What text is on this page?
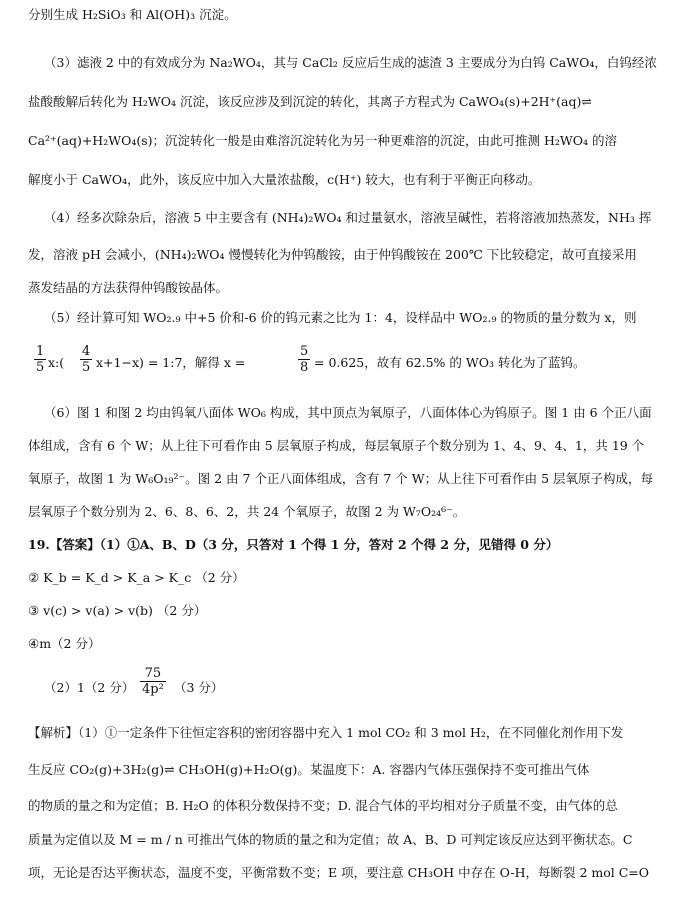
分别生成 H₂SiO₃ 和 Al(OH)₃ 沉淀。
（3）滤液 2 中的有效成分为 Na₂WO₄，其与 CaCl₂ 反应后生成的滤渣 3 主要成分为白钨 CaWO₄，白钨经浓
盐酸酸解后转化为 H₂WO₄ 沉淀，该反应涉及到沉淀的转化，其离子方程式为 CaWO₄(s)+2H⁺(aq)⇌
Ca²⁺(aq)+H₂WO₄(s)；沉淀转化一般是由难溶沉淀转化为另一种更难溶的沉淀，由此可推测 H₂WO₄ 的溶
解度小于 CaWO₄，此外，该反应中加入大量浓盐酸，c(H⁺) 较大，也有利于平衡正向移动。
（4）经多次除杂后，溶液 5 中主要含有 (NH₄)₂WO₄ 和过量氨水，溶液呈碱性，若将溶液加热蒸发，NH₃ 挥
发，溶液 pH 会减小，(NH₄)₂WO₄ 慢慢转化为仲钨酸铵，由于仲钨酸铵在 200℃ 下比较稳定，故可直接采用
蒸发结晶的方法获得仲钨酸铵晶体。
（5）经计算可知 WO₂.₉ 中+5 价和-6 价的钨元素之比为 1：4，设样品中 WO₂.₉ 的物质的量分数为 x，则
$\frac{1}{5}$ x:( $\frac{4}{5} x+1-x$) = 1:7，解得 x =	$\frac{5}{8} = 0.625$，故有 62.5% 的 WO₃ 转化为了蓝钨。
（6）图 1 和图 2 均由钨氧八面体 WO₆ 构成，其中顶点为氧原子，八面体体心为钨原子。图 1 由 6 个正八面
体组成，含有 6 个 W；从上往下可看作由 5 层氧原子构成，每层氧原子个数分别为 1、4、9、4、1，共 19 个
氧原子，故图 1 为 W₆O₁₉²⁻。图 2 由 7 个正八面体组成，含有 7 个 W；从上往下可看作由 5 层氧原子构成，每
层氧原子个数分别为 2、6、8、6、2，共 24 个氧原子，故图 2 为 W₇O₂₄⁶⁻。
19.【答案】（1）①A、B、D（3 分，只答对 1 个得 1 分，答对 2 个得 2 分，见错得 0 分）
② K_b = K_d > K_a > K_c （2 分）
③ v(c) > v(a) > v(b) （2 分）
④m（2 分）
（2）1（2 分） $\frac{75}{\text{4p²}} (3$ 分）
【解析】（1）①一定条件下往恒定容积的密闭容器中充入 1 mol CO₂ 和 3 mol H₂，在不同催化剂作用下发
生反应 CO₂(g)+3H₂(g)⇌ CH₃OH(g)+H₂O(g)。某温度下：A. 容器内气体压强保持不变可推出气体
的物质的量之和为定值；B. H₂O 的体积分数保持不变；D. 混合气体的平均相对分子质量不变，由气体的总
质量为定值以及 M = m / n 可推出气体的物质的量之和为定值；故 A、B、D 可判定该反应达到平衡状态。C
项，无论是否达平衡状态，温度不变，平衡常数不变；E 项，要注意 CH₃OH 中存在 O-H，每断裂 2 mol C=O
